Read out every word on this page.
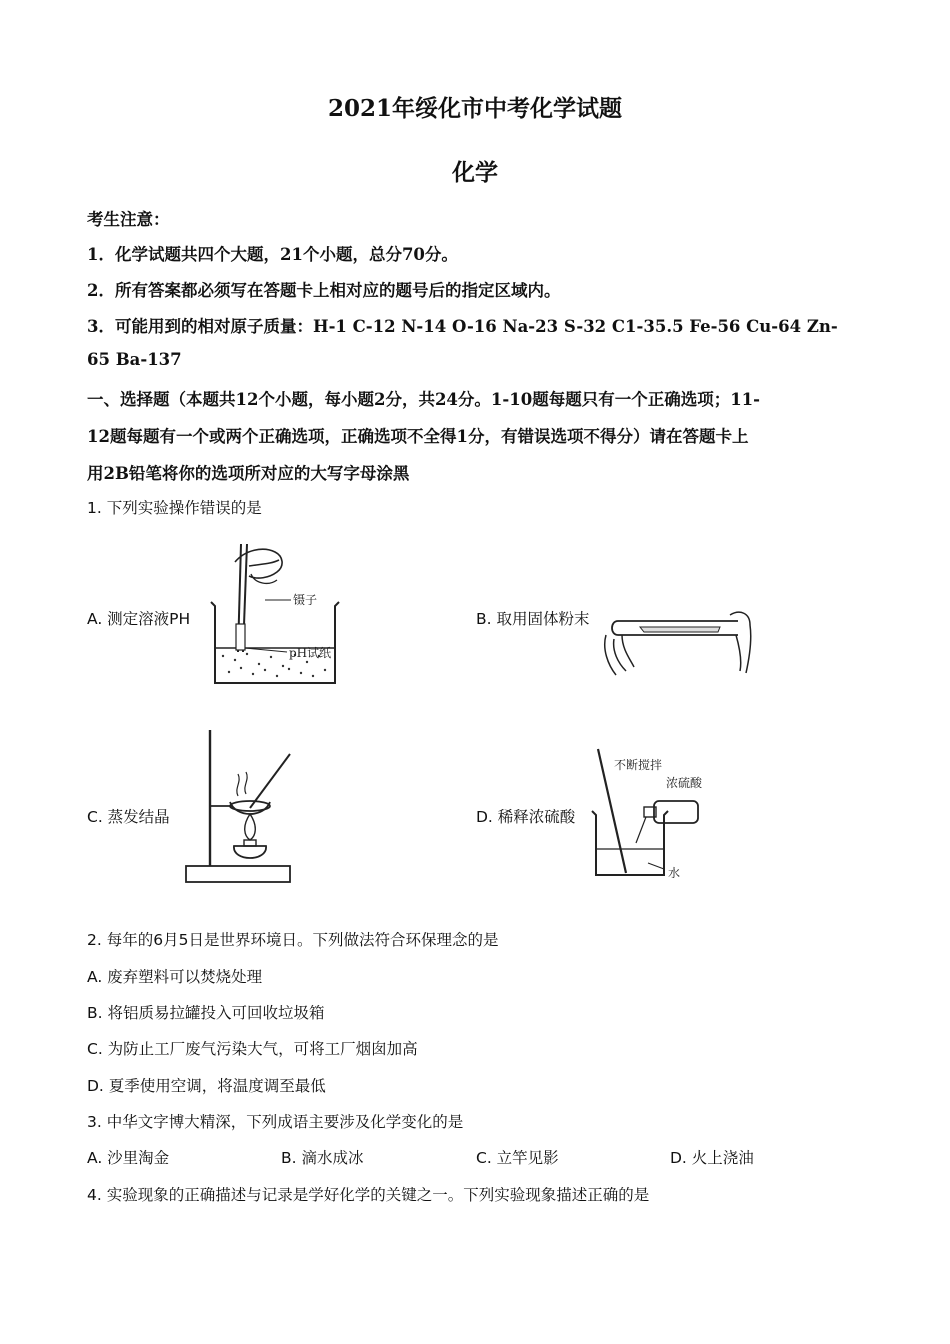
2021年绥化市中考化学试题
化学
考生注意：
1．化学试题共四个大题，21个小题，总分70分。
2．所有答案都必须写在答题卡上相对应的题号后的指定区域内。
3．可能用到的相对原子质量：H-1 C-12 N-14 O-16 Na-23 S-32 C1-35.5 Fe-56 Cu-64 Zn-
65 Ba-137
一、选择题（本题共12个小题，每小题2分，共24分。1-10题每题只有一个正确选项；11-
12题每题有一个或两个正确选项，正确选项不全得1分，有错误选项不得分）请在答题卡上
用2B铅笔将你的选项所对应的大写字母涂黑
1. 下列实验操作错误的是
A. 测定溶液PH
镊子
pH试纸
B. 取用固体粉末
C. 蒸发结晶	D. 稀释浓硫酸
不断搅拌
浓硫酸
水
2. 每年的6月5日是世界环境日。下列做法符合环保理念的是
A. 废弃塑料可以焚烧处理
B. 将铝质易拉罐投入可回收垃圾箱
C. 为防止工厂废气污染大气，可将工厂烟囱加高
D. 夏季使用空调，将温度调至最低
3. 中华文字博大精深，下列成语主要涉及化学变化的是
A. 沙里淘金	B. 滴水成冰	C. 立竿见影	D. 火上浇油
4. 实验现象的正确描述与记录是学好化学的关键之一。下列实验现象描述正确的是
